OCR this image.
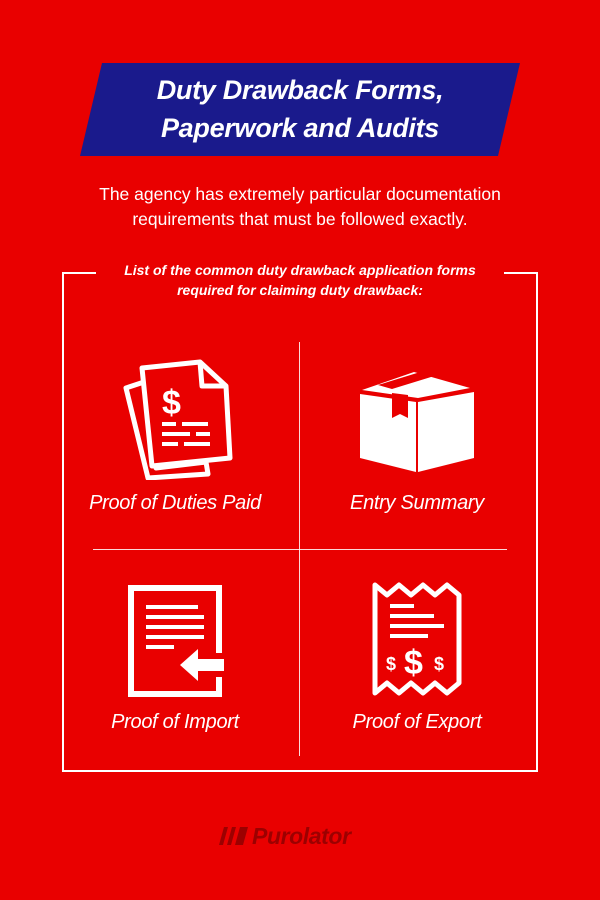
Duty Drawback Forms,
Paperwork and Audits

The agency has extremely particular documentation requirements that must be followed exactly.

List of the common duty drawback application forms
required for claiming duty drawback:

$
Proof of Duties Paid	Entry Summary
Proof of Import
$
$ $
Proof of Export
Purolator
